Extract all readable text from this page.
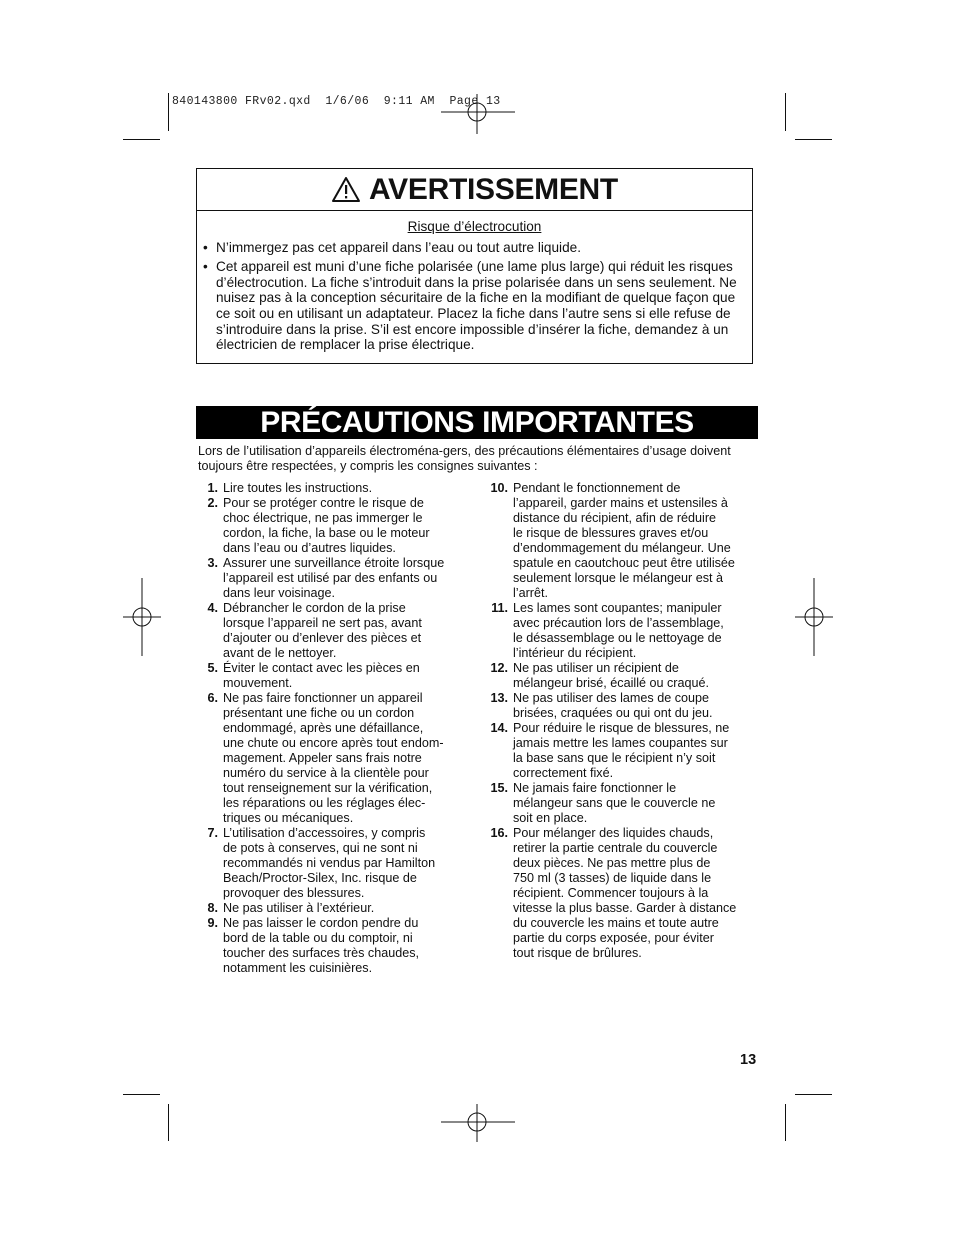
840143800 FRv02.qxd  1/6/06  9:11 AM  Page 13
AVERTISSEMENT
Risque d’électrocution
• N’immergez pas cet appareil dans l’eau ou tout autre liquide.
• Cet appareil est muni d’une fiche polarisée (une lame plus large) qui réduit les risques d’électrocution. La fiche s’introduit dans la prise polarisée dans un sens seulement. Ne nuisez pas à la conception sécuritaire de la fiche en la modifiant de quelque façon que ce soit ou en utilisant un adaptateur. Placez la fiche dans l’autre sens si elle refuse de s’introduire dans la prise. S’il est encore impossible d’insérer la fiche, demandez à un électricien de remplacer la prise électrique.
PRÉCAUTIONS IMPORTANTES
Lors de l’utilisation d’appareils électroména-gers, des précautions élémentaires d’usage doivent toujours être respectées, y compris les consignes suivantes :
1. Lire toutes les instructions.
2. Pour se protéger contre le risque de
choc électrique, ne pas immerger le
cordon, la fiche, la base ou le moteur
dans l’eau ou d’autres liquides.
3. Assurer une surveillance étroite lorsque
l’appareil est utilisé par des enfants ou
dans leur voisinage.
4. Débrancher le cordon de la prise
lorsque l’appareil ne sert pas, avant
d’ajouter ou d’enlever des pièces et
avant de le nettoyer.
5. Éviter le contact avec les pièces en
mouvement.
6. Ne pas faire fonctionner un appareil
présentant une fiche ou un cordon
endommagé, après une défaillance,
une chute ou encore après tout endom-
magement. Appeler sans frais notre
numéro du service à la clientèle pour
tout renseignement sur la vérification,
les réparations ou les réglages élec-
triques ou mécaniques.
7. L’utilisation d’accessoires, y compris
de pots à conserves, qui ne sont ni
recommandés ni vendus par Hamilton
Beach/Proctor-Silex, Inc. risque de
provoquer des blessures.
8. Ne pas utiliser à l’extérieur.
9. Ne pas laisser le cordon pendre du
bord de la table ou du comptoir, ni
toucher des surfaces très chaudes,
notamment les cuisinières.
10. Pendant le fonctionnement de
l’appareil, garder mains et ustensiles à
distance du récipient, afin de réduire
le risque de blessures graves et/ou
d’endommagement du mélangeur. Une
spatule en caoutchouc peut être utilisée
seulement lorsque le mélangeur est à
l’arrêt.
11. Les lames sont coupantes; manipuler
avec précaution lors de l’assemblage,
le désassemblage ou le nettoyage de
l’intérieur du récipient.
12. Ne pas utiliser un récipient de
mélangeur brisé, écaillé ou craqué.
13. Ne pas utiliser des lames de coupe
brisées, craquées ou qui ont du jeu.
14. Pour réduire le risque de blessures, ne
jamais mettre les lames coupantes sur
la base sans que le récipient n’y soit
correctement fixé.
15. Ne jamais faire fonctionner le
mélangeur sans que le couvercle ne
soit en place.
16. Pour mélanger des liquides chauds,
retirer la partie centrale du couvercle
deux pièces. Ne pas mettre plus de
750 ml (3 tasses) de liquide dans le
récipient. Commencer toujours à la
vitesse la plus basse. Garder à distance
du couvercle les mains et toute autre
partie du corps exposée, pour éviter
tout risque de brûlures.
13
